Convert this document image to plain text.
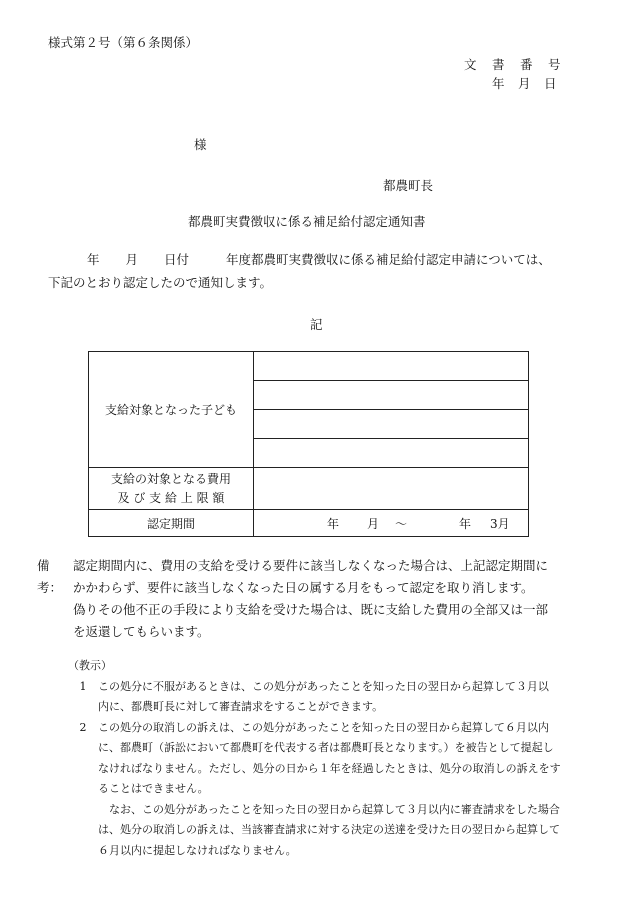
様式第２号（第６条関係）
文 書 番 号
年 月 日
様
都農町長
都農町実費徴収に係る補足給付認定通知書
年 月 日付	年度都農町実費徴収に係る補足給付認定申請については、
下記のとおり認定したので通知します。
記
支給対象となった子ども	

支給の対象となる費用
及 び 支 給 上 限 額	

認定期間	年 月 ～ 年 3月
備考：
認定期間内に、費用の支給を受ける要件に該当しなくなった場合は、上記認定期間に
かかわらず、要件に該当しなくなった日の属する月をもって認定を取り消します。
偽りその他不正の手段により支給を受けた場合は、既に支給した費用の全部又は一部
を返還してもらいます。
（教示）
1	この処分に不服があるときは、この処分があったことを知った日の翌日から起算して３月以
内に、都農町長に対して審査請求をすることができます。
2	この処分の取消しの訴えは、この処分があったことを知った日の翌日から起算して６月以内
に、都農町（訴訟において都農町を代表する者は都農町長となります。）を被告として提起し
なければなりません。ただし、処分の日から１年を経過したときは、処分の取消しの訴えをす
ることはできません。
　なお、この処分があったことを知った日の翌日から起算して３月以内に審査請求をした場合
は、処分の取消しの訴えは、当該審査請求に対する決定の送達を受けた日の翌日から起算して
６月以内に提起しなければなりません。
